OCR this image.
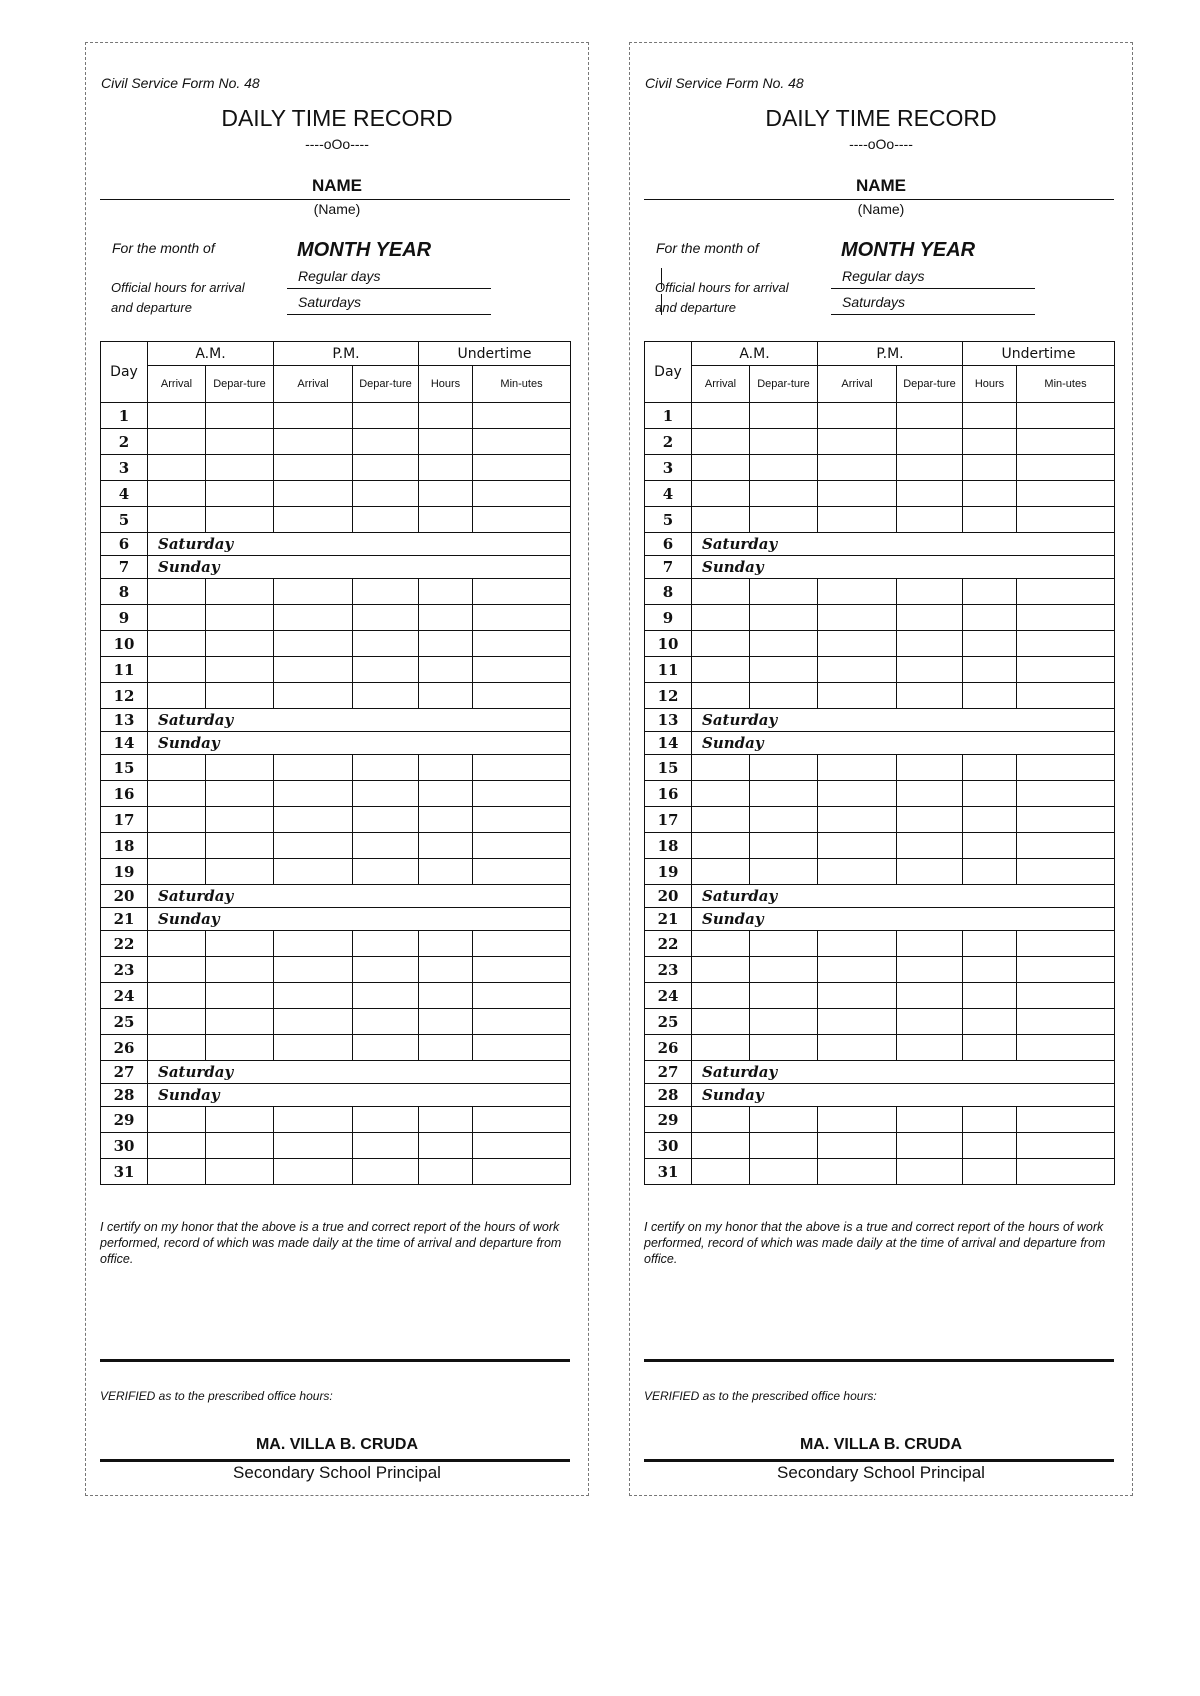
Civil Service Form No. 48
DAILY TIME RECORD
----oOo----
NAME
(Name)
For the month of	MONTH YEAR
Official hours for arrival
and departure
Regular days
Saturdays
Day	A.M.		P.M.		Undertime	
	Arrival	Depar-ture	Arrival	Depar-ture	Hours	Min-utes
1						
2						
3						
4						
5						
6	Saturday					
7	Sunday					
8						
9						
10						
11						
12						
13	Saturday					
14	Sunday					
15						
16						
17						
18						
19						
20	Saturday					
21	Sunday					
22						
23						
24						
25						
26						
27	Saturday					
28	Sunday					
29						
30						
31						
I certify on my honor that the above is a true and correct report of the hours of work performed, record of which was made daily at the time of arrival and departure from office.
VERIFIED as to the prescribed office hours:
MA. VILLA B. CRUDA
Secondary School Principal
Civil Service Form No. 48
DAILY TIME RECORD
----oOo----
NAME
(Name)
For the month of	MONTH YEAR
Official hours for arrival
and departure
Regular days
Saturdays
Day	A.M.		P.M.		Undertime	
	Arrival	Depar-ture	Arrival	Depar-ture	Hours	Min-utes
1						
2						
3						
4						
5						
6	Saturday					
7	Sunday					
8						
9						
10						
11						
12						
13	Saturday					
14	Sunday					
15						
16						
17						
18						
19						
20	Saturday					
21	Sunday					
22						
23						
24						
25						
26						
27	Saturday					
28	Sunday					
29						
30						
31						
I certify on my honor that the above is a true and correct report of the hours of work performed, record of which was made daily at the time of arrival and departure from office.
VERIFIED as to the prescribed office hours:
MA. VILLA B. CRUDA
Secondary School Principal
